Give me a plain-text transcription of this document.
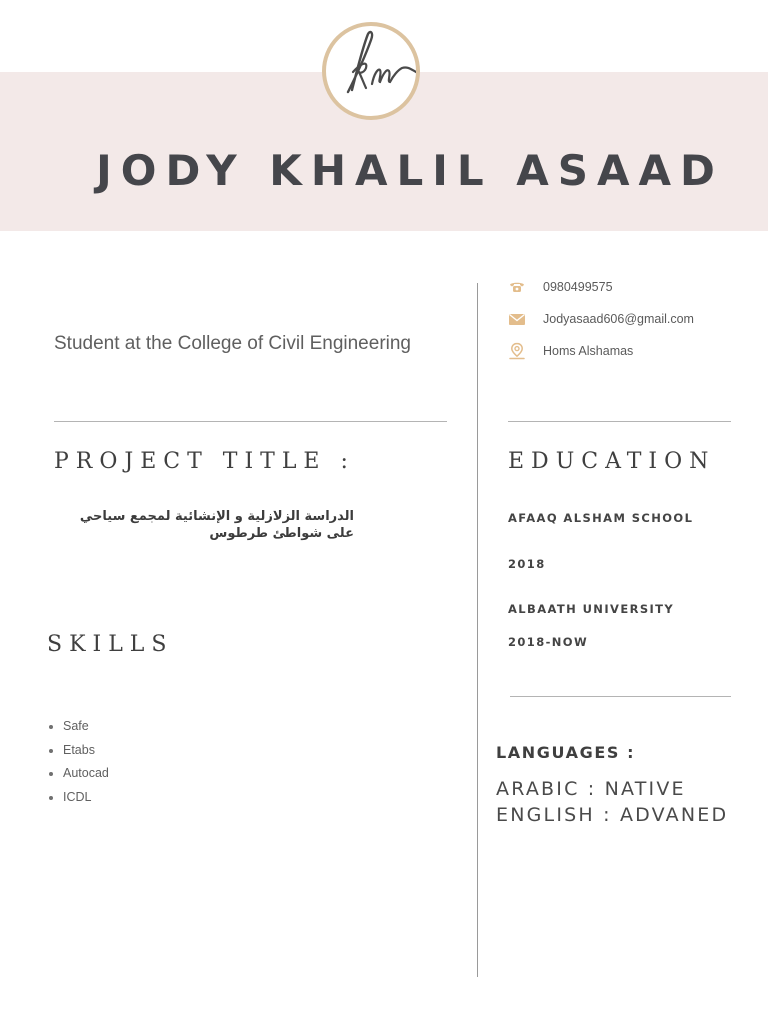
JODY KHALIL ASAAD

Student at the College of Civil Engineering

PROJECT TITLE :
الدراسة الزلازلية و الإنشائية لمجمع سياحي
على شواطئ طرطوس
SKILLS
Safe
Etabs
Autocad
ICDL
0980499575
Jodyasaad606@gmail.com
Homs Alshamas
EDUCATION

AFAAQ ALSHAM SCHOOL

2018

ALBAATH UNIVERSITY

2018-NOW

LANGUAGES :

ARABIC : NATIVE

ENGLISH : ADVANED
